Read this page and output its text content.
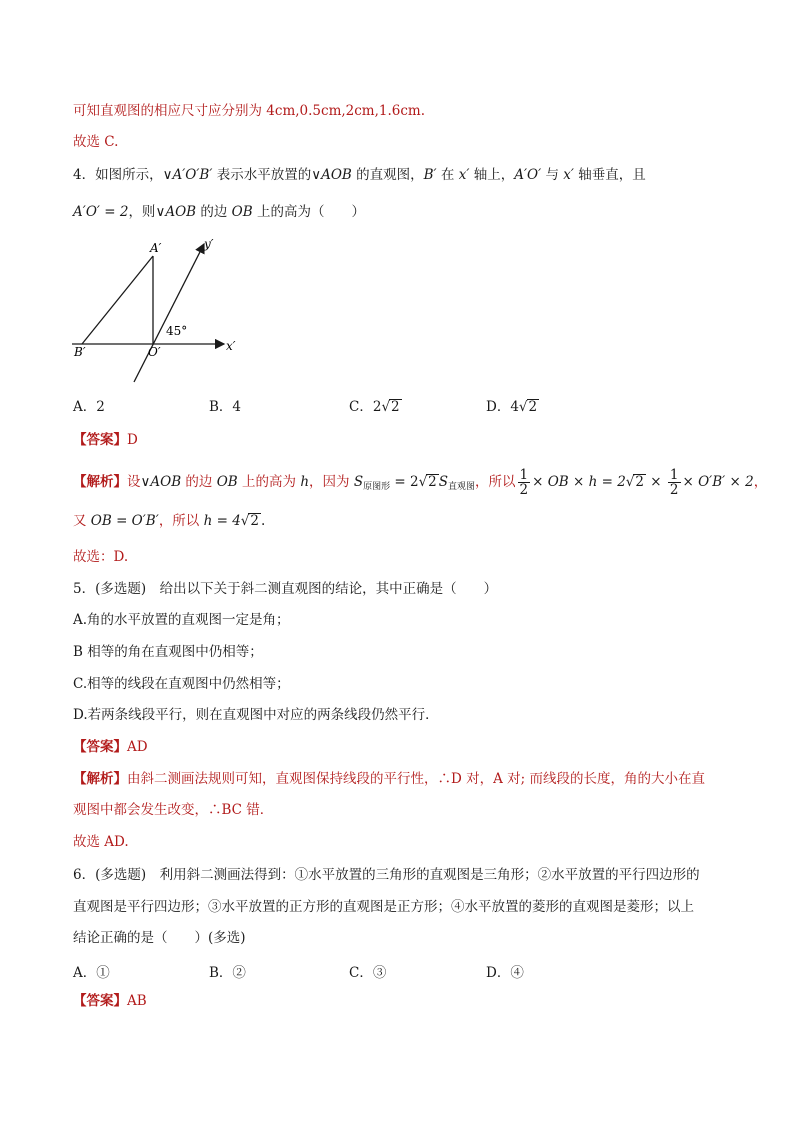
可知直观图的相应尺寸应分别为 4cm,0.5cm,2cm,1.6cm.
故选 C.
4．如图所示，∨A′O′B′ 表示水平放置的∨AOB 的直观图，B′ 在 x′ 轴上，A′O′ 与 x′ 轴垂直，且
A′O′ = 2，则∨AOB 的边 OB 上的高为（　　）
A′	y′
45°
B′	O′	x′
A．2	B．4	C．2√2	D．4√2
【答案】D
【解析】设∨AOB 的边 OB 上的高为 h，因为 $S_{原图形} = 2√2$ $S_{直观图}$，所以 $\frac{1}{2}$ × OB × $h = 2√2 \times \frac{1}{2} \times O'B' \times 2$，
又 OB = O′B′，所以 h = 4√2 .
故选：D.
5．(多选题)　给出以下关于斜二测直观图的结论，其中正确是（　　）
A.角的水平放置的直观图一定是角；
B 相等的角在直观图中仍相等；
C.相等的线段在直观图中仍然相等；
D.若两条线段平行，则在直观图中对应的两条线段仍然平行．
【答案】AD
【解析】由斜二测画法规则可知，直观图保持线段的平行性，∴D 对，A 对; 而线段的长度，角的大小在直
观图中都会发生改变，∴BC 错．
故选 AD.
6．(多选题)　利用斜二测画法得到：①水平放置的三角形的直观图是三角形；②水平放置的平行四边形的
直观图是平行四边形；③水平放置的正方形的直观图是正方形；④水平放置的菱形的直观图是菱形；以上
结论正确的是（　　）(多选)
A．①	B．②	C．③	D．④
【答案】AB
